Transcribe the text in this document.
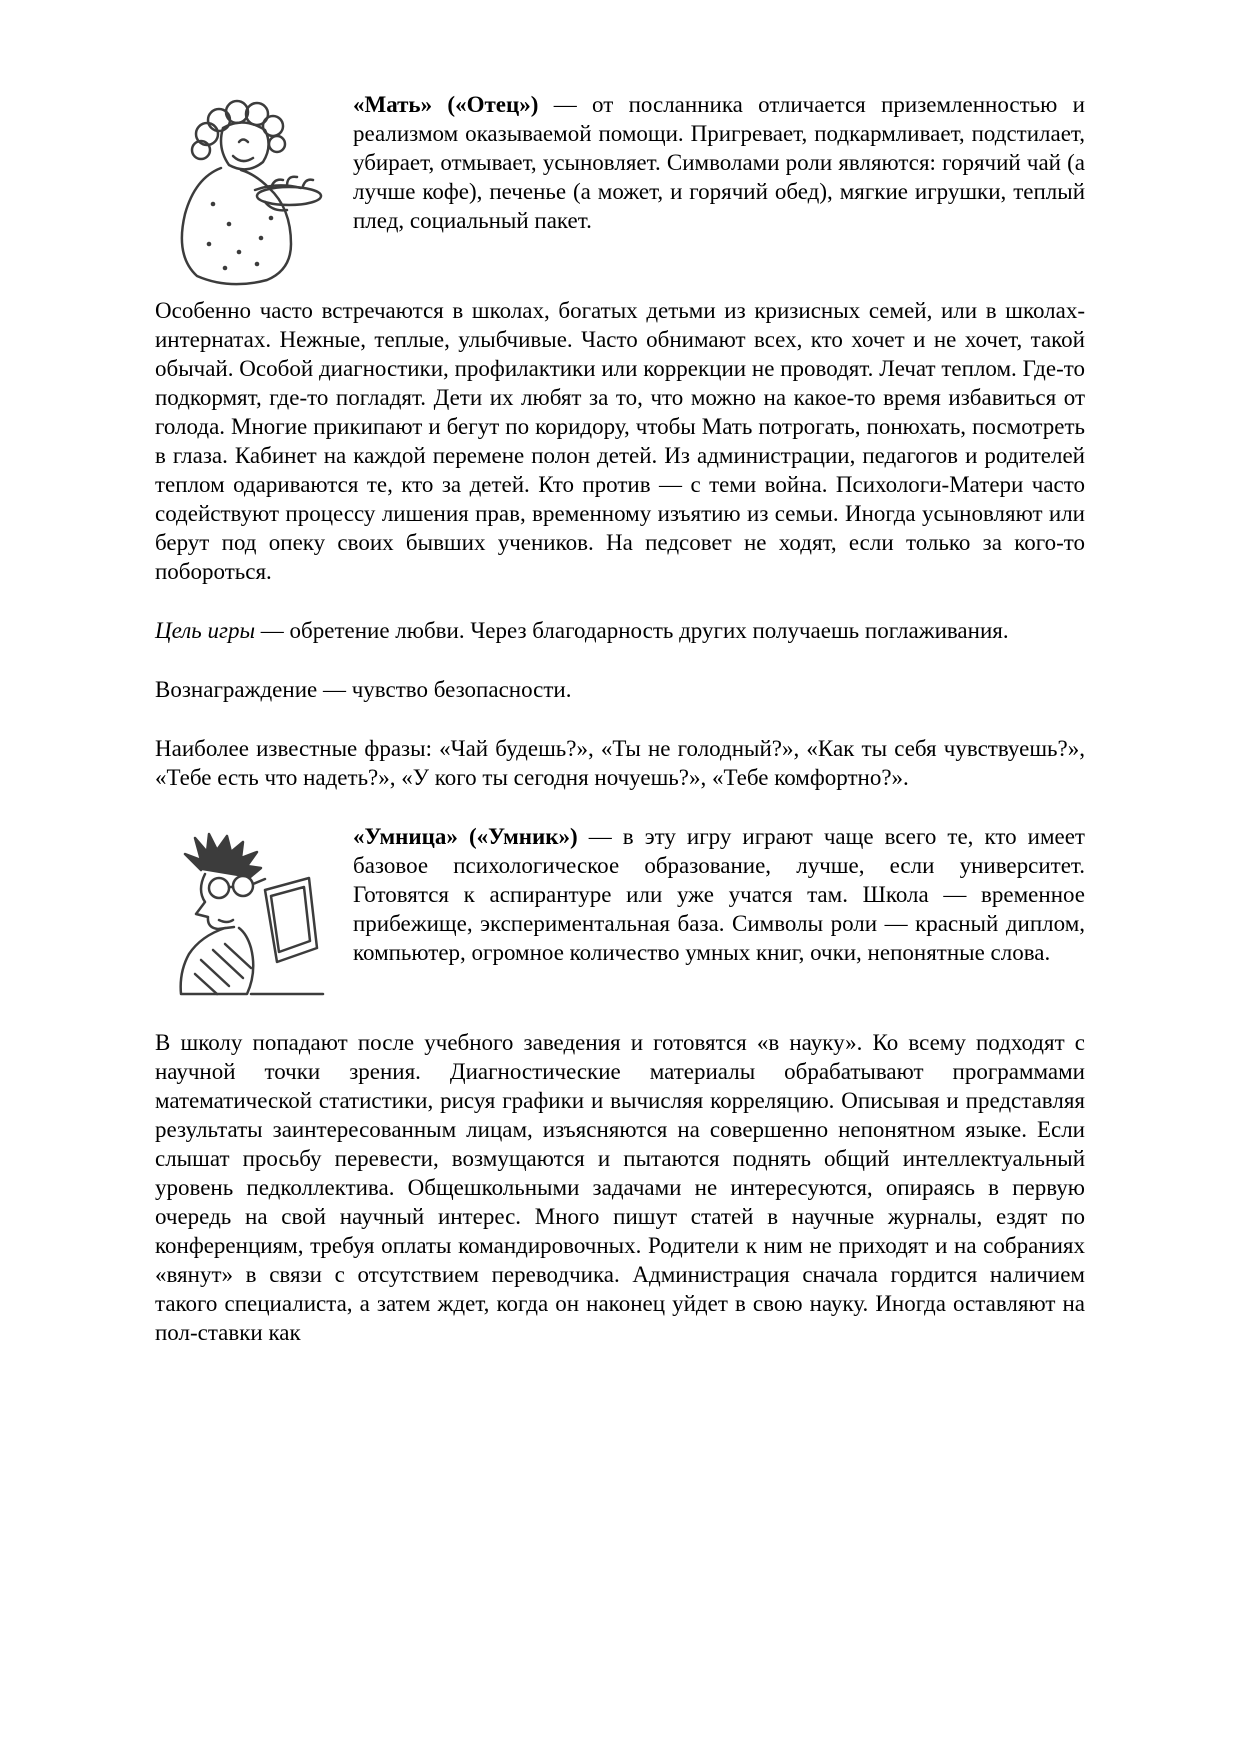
«Мать» («Отец») — от посланника отличается приземленностью и реализмом оказываемой помощи. Пригревает, подкармливает, подстилает, убирает, отмывает, усыновляет. Символами роли являются: горячий чай (а лучше кофе), печенье (а может, и горячий обед), мягкие игрушки, теплый плед, социальный пакет.

Особенно часто встречаются в школах, богатых детьми из кризисных семей, или в школах-интернатах. Нежные, теплые, улыбчивые. Часто обнимают всех, кто хочет и не хочет, такой обычай. Особой диагностики, профилактики или коррекции не проводят. Лечат теплом. Где-то подкормят, где-то погладят. Дети их любят за то, что можно на какое-то время избавиться от голода. Многие прикипают и бегут по коридору, чтобы Мать потрогать, понюхать, посмотреть в глаза. Кабинет на каждой перемене полон детей. Из администрации, педагогов и родителей теплом одариваются те, кто за детей. Кто против — с теми война. Психологи-Матери часто содействуют процессу лишения прав, временному изъятию из семьи. Иногда усыновляют или берут под опеку своих бывших учеников. На педсовет не ходят, если только за кого-то побороться.

Цель игры — обретение любви. Через благодарность других получаешь поглаживания.

Вознаграждение — чувство безопасности.

Наиболее известные фразы: «Чай будешь?», «Ты не голодный?», «Как ты себя чувствуешь?», «Тебе есть что надеть?», «У кого ты сегодня ночуешь?», «Тебе комфортно?».

«Умница» («Умник») — в эту игру играют чаще всего те, кто имеет базовое психологическое образование, лучше, если университет. Готовятся к аспирантуре или уже учатся там. Школа — временное прибежище, экспериментальная база. Символы роли — красный диплом, компьютер, огромное количество умных книг, очки, непонятные слова.

В школу попадают после учебного заведения и готовятся «в науку». Ко всему подходят с научной точки зрения. Диагностические материалы обрабатывают программами математической статистики, рисуя графики и вычисляя корреляцию. Описывая и представляя результаты заинтересованным лицам, изъясняются на совершенно непонятном языке. Если слышат просьбу перевести, возмущаются и пытаются поднять общий интеллектуальный уровень педколлектива. Общешкольными задачами не интересуются, опираясь в первую очередь на свой научный интерес. Много пишут статей в научные журналы, ездят по конференциям, требуя оплаты командировочных. Родители к ним не приходят и на собраниях «вянут» в связи с отсутствием переводчика. Администрация сначала гордится наличием такого специалиста, а затем ждет, когда он наконец уйдет в свою науку. Иногда оставляют на пол-ставки как
